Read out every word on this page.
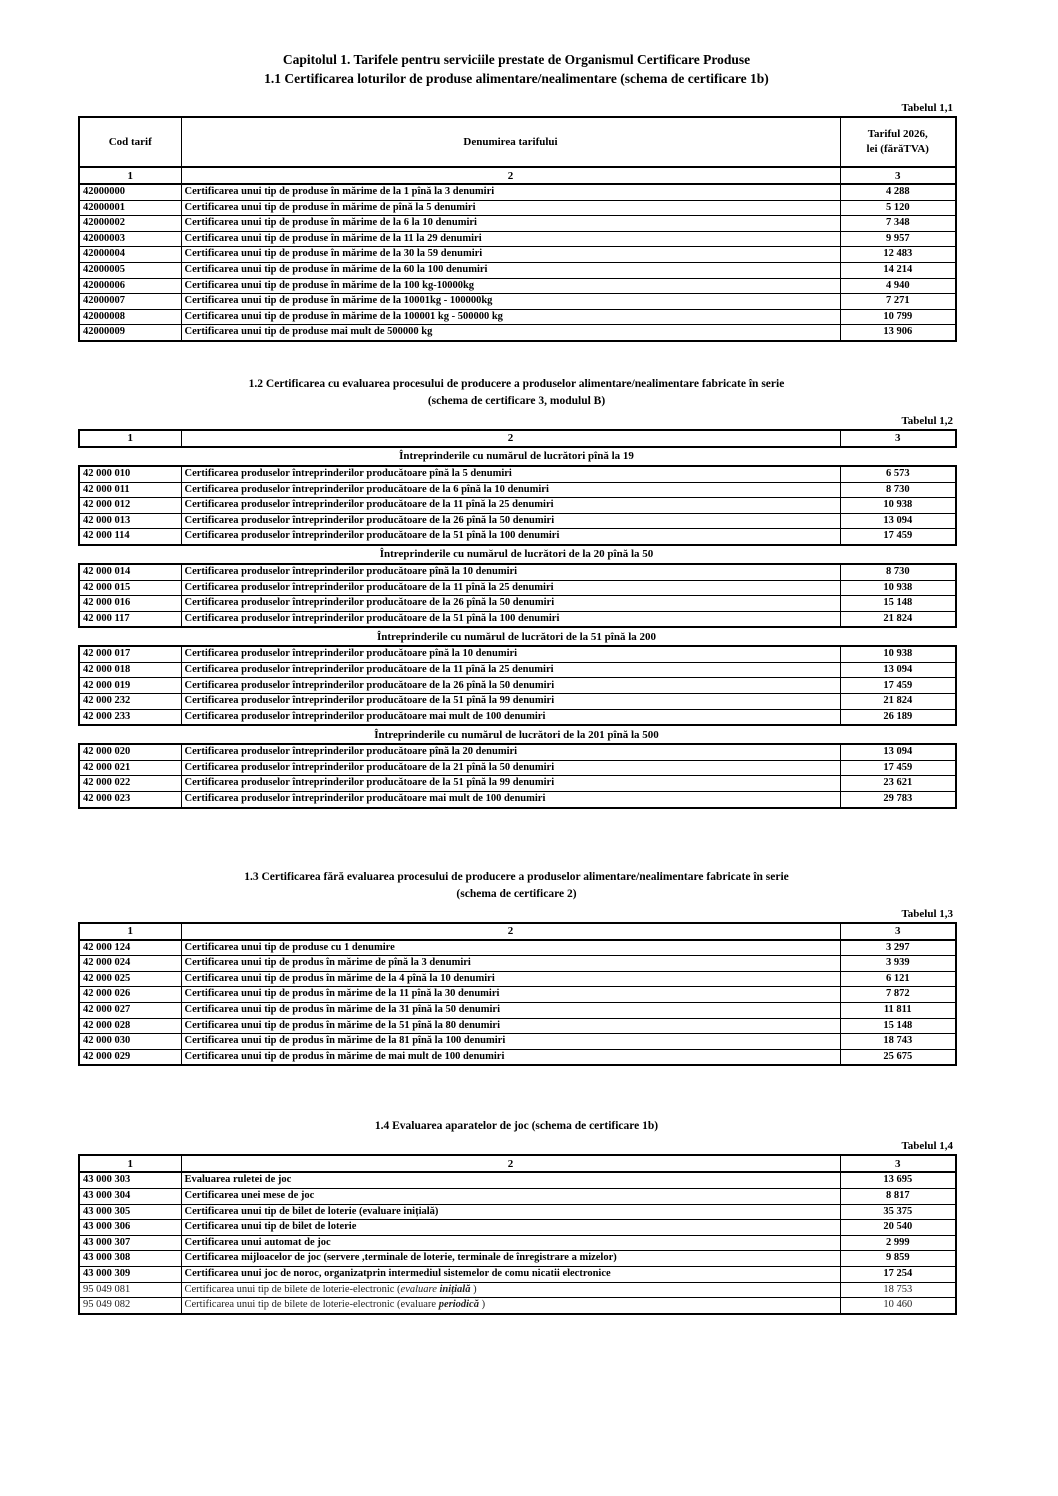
Capitolul 1. Tarifele pentru serviciile prestate de Organismul Certificare Produse
1.1 Certificarea loturilor de produse alimentare/nealimentare (schema de certificare 1b)
Tabelul 1,1
Cod tarif	Denumirea tarifului	Tariful 2026,
lei (fărăTVA)

1	2	3
42000000	Certificarea unui tip de produse în mărime de la 1 pînă la 3 denumiri	4 288
42000001	Certificarea unui tip de produse în mărime de pînă la 5 denumiri	5 120
42000002	Certificarea unui tip de produse în mărime de la 6 la 10 denumiri	7 348
42000003	Certificarea unui tip de produse în mărime de la 11 la 29 denumiri	9 957
42000004	Certificarea unui tip de produse în mărime de la 30 la 59 denumiri	12 483
42000005	Certificarea unui tip de produse în mărime de la 60 la 100 denumiri	14 214
42000006	Certificarea unui tip de produse în mărime de la 100 kg-10000kg	4 940
42000007	Certificarea unui tip de produse în mărime de la 10001kg - 100000kg	7 271
42000008	Certificarea unui tip de produse în mărime de la 100001 kg - 500000 kg	10 799
42000009	Certificarea unui tip de produse mai mult de 500000 kg	13 906
1.2 Certificarea cu evaluarea procesului de producere a produselor alimentare/nealimentare fabricate în serie
(schema de certificare 3, modulul B)
Tabelul 1,2
1	2	3
Întreprinderile cu numărul de lucrători pînă la 19
42 000 010	Certificarea produselor întreprinderilor producătoare pînă la 5 denumiri	6 573
42 000 011	Certificarea produselor întreprinderilor producătoare de la 6 pînă la 10 denumiri	8 730
42 000 012	Certificarea produselor întreprinderilor producătoare de la 11 pînă la 25 denumiri	10 938
42 000 013	Certificarea produselor întreprinderilor producătoare de la 26 pînă la 50 denumiri	13 094
42 000 114	Certificarea produselor întreprinderilor producătoare de la 51 pînă la 100 denumiri	17 459
Întreprinderile cu numărul de lucrători de la 20 pînă la 50
42 000 014	Certificarea produselor întreprinderilor producătoare pînă la 10 denumiri	8 730
42 000 015	Certificarea produselor întreprinderilor producătoare de la 11 pînă la 25 denumiri	10 938
42 000 016	Certificarea produselor întreprinderilor producătoare de la 26 pînă la 50 denumiri	15 148
42 000 117	Certificarea produselor întreprinderilor producătoare de la 51 pînă la 100 denumiri	21 824
Întreprinderile cu numărul de lucrători de la 51 pînă la 200
42 000 017	Certificarea produselor întreprinderilor producătoare pînă la 10 denumiri	10 938
42 000 018	Certificarea produselor întreprinderilor producătoare de la 11 pînă la 25 denumiri	13 094
42 000 019	Certificarea produselor întreprinderilor producătoare de la 26 pînă la 50 denumiri	17 459
42 000 232	Certificarea produselor întreprinderilor producătoare de la 51 pînă la 99 denumiri	21 824
42 000 233	Certificarea produselor întreprinderilor producătoare mai mult de 100 denumiri	26 189
Întreprinderile cu numărul de lucrători de la 201 pînă la 500
42 000 020	Certificarea produselor întreprinderilor producătoare pînă la 20 denumiri	13 094
42 000 021	Certificarea produselor întreprinderilor producătoare de la 21 pînă la 50 denumiri	17 459
42 000 022	Certificarea produselor întreprinderilor producătoare de la 51 pînă la 99 denumiri	23 621
42 000 023	Certificarea produselor întreprinderilor producătoare mai mult de 100 denumiri	29 783
1.3 Certificarea fără evaluarea procesului de producere a produselor alimentare/nealimentare fabricate în serie
(schema de certificare 2)
Tabelul 1,3
1	2	3
42 000 124	Certificarea unui tip de produse cu 1 denumire	3 297
42 000 024	Certificarea unui tip de produs în mărime de pînă la 3 denumiri	3 939
42 000 025	Certificarea unui tip de produs în mărime de la 4 pînă la 10 denumiri	6 121
42 000 026	Certificarea unui tip de produs în mărime de la 11 pînă la 30 denumiri	7 872
42 000 027	Certificarea unui tip de produs în mărime de la 31 pînă la 50 denumiri	11 811
42 000 028	Certificarea unui tip de produs în mărime de la 51 pînă la 80 denumiri	15 148
42 000 030	Certificarea unui tip de produs în mărime de la 81 pînă la 100 denumiri	18 743
42 000 029	Certificarea unui tip de produs în mărime de mai mult de 100 denumiri	25 675
1.4 Evaluarea aparatelor de joc (schema de certificare 1b)
Tabelul 1,4
1	2	3
43 000 303	Evaluarea ruletei de joc	13 695
43 000 304	Certificarea unei mese de joc	8 817
43 000 305	Certificarea unui tip de bilet de loterie (evaluare inițială)	35 375
43 000 306	Certificarea unui tip de bilet de loterie	20 540
43 000 307	Certificarea unui automat de joc	2 999
43 000 308	Certificarea mijloacelor de joc (servere ,terminale de loterie, terminale de înregistrare a mizelor)	9 859
43 000 309	Certificarea unui joc de noroc, organizatprin intermediul sistemelor de comu nicatii electronice	17 254
95 049 081	Certificarea unui tip de bilete de loterie-electronic (evaluare inițială )	18 753
95 049 082	Certificarea unui tip de bilete de loterie-electronic (evaluare periodică )	10 460
